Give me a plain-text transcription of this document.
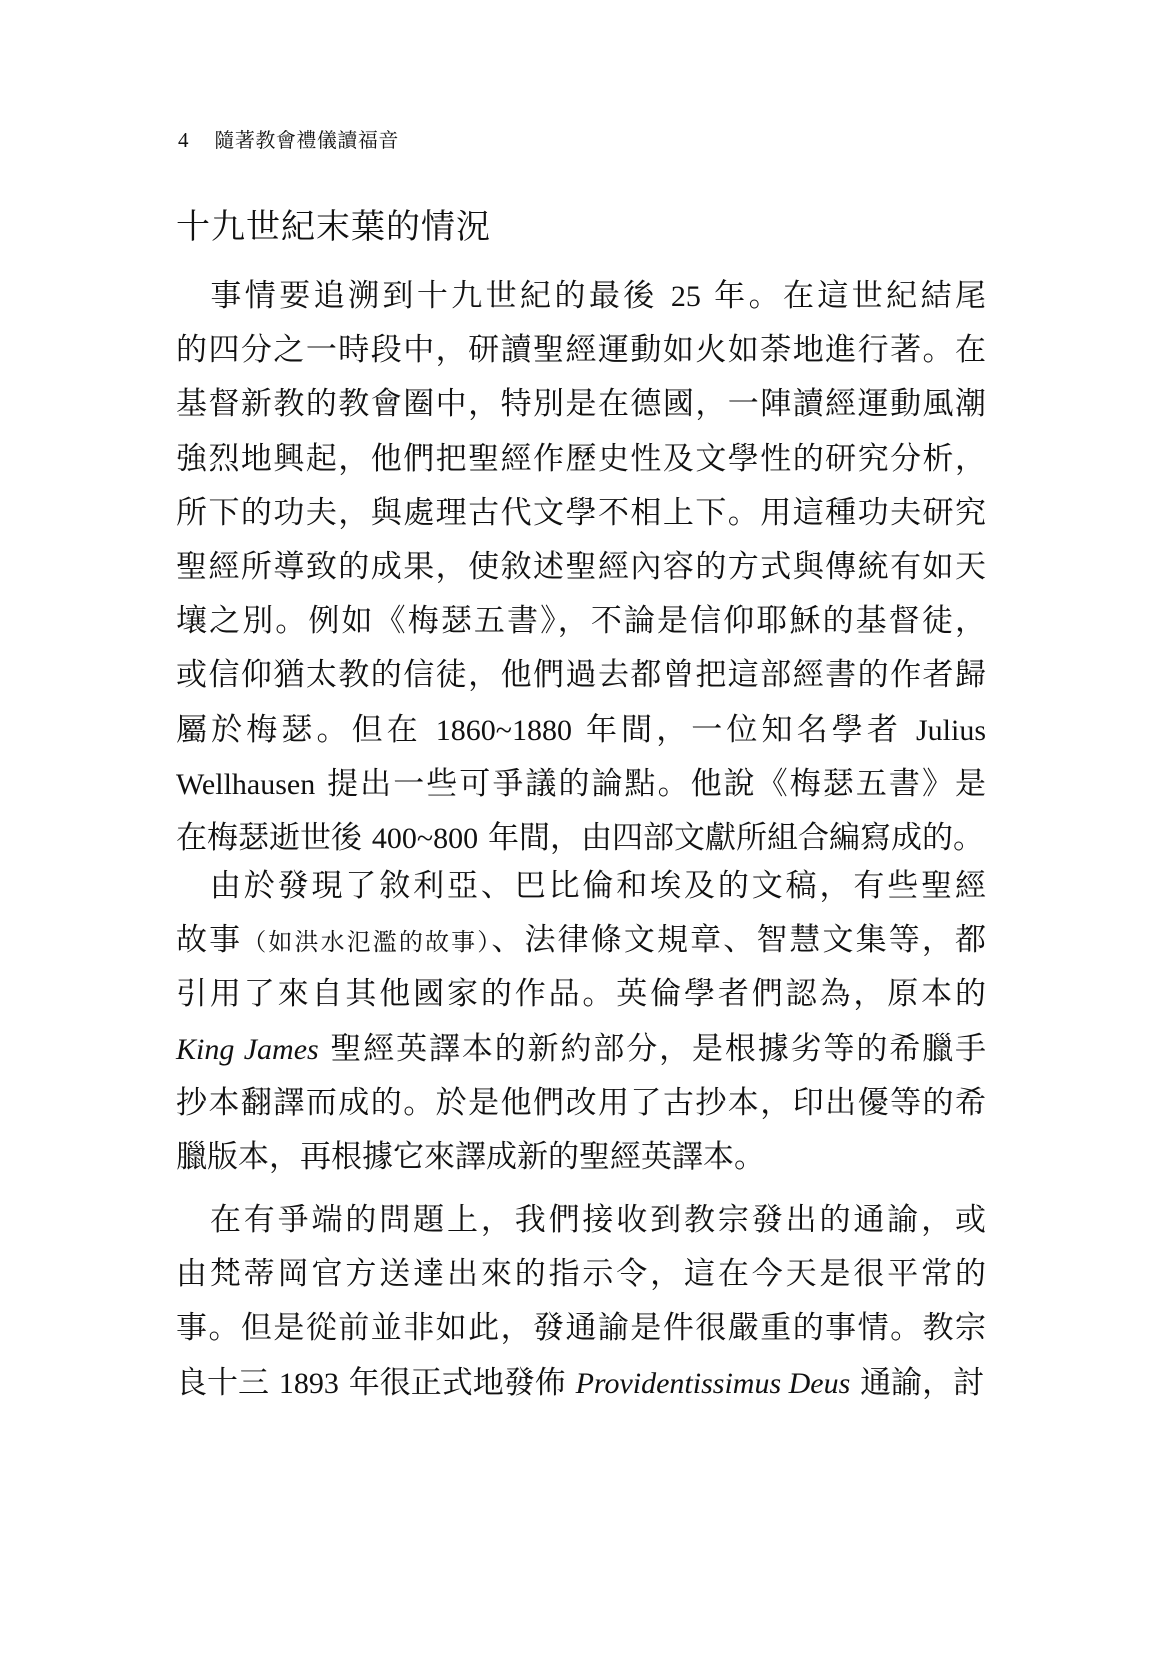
4 隨著教會禮儀讀福音
十九世紀末葉的情況
　事情要追溯到十九世紀的最後 25 年。在這世紀結尾
的四分之一時段中，研讀聖經運動如火如荼地進行著。在
基督新教的教會圈中，特別是在德國，一陣讀經運動風潮
強烈地興起，他們把聖經作歷史性及文學性的研究分析，
所下的功夫，與處理古代文學不相上下。用這種功夫研究
聖經所導致的成果，使敘述聖經內容的方式與傳統有如天
壤之別。例如《梅瑟五書》，不論是信仰耶穌的基督徒，
或信仰猶太教的信徒，他們過去都曾把這部經書的作者歸
屬於梅瑟。但在 1860~1880 年間，一位知名學者 Julius
Wellhausen 提出一些可爭議的論點。他說《梅瑟五書》是
在梅瑟逝世後 400~800 年間，由四部文獻所組合編寫成的。
　由於發現了敘利亞、巴比倫和埃及的文稿，有些聖經
故事（如洪水氾濫的故事）、法律條文規章、智慧文集等，都
引用了來自其他國家的作品。英倫學者們認為，原本的
King James 聖經英譯本的新約部分，是根據劣等的希臘手
抄本翻譯而成的。於是他們改用了古抄本，印出優等的希
臘版本，再根據它來譯成新的聖經英譯本。
　在有爭端的問題上，我們接收到教宗發出的通諭，或
由梵蒂岡官方送達出來的指示令，這在今天是很平常的
事。但是從前並非如此，發通諭是件很嚴重的事情。教宗
良十三 1893 年很正式地發佈 Providentissimus Deus 通諭，討
